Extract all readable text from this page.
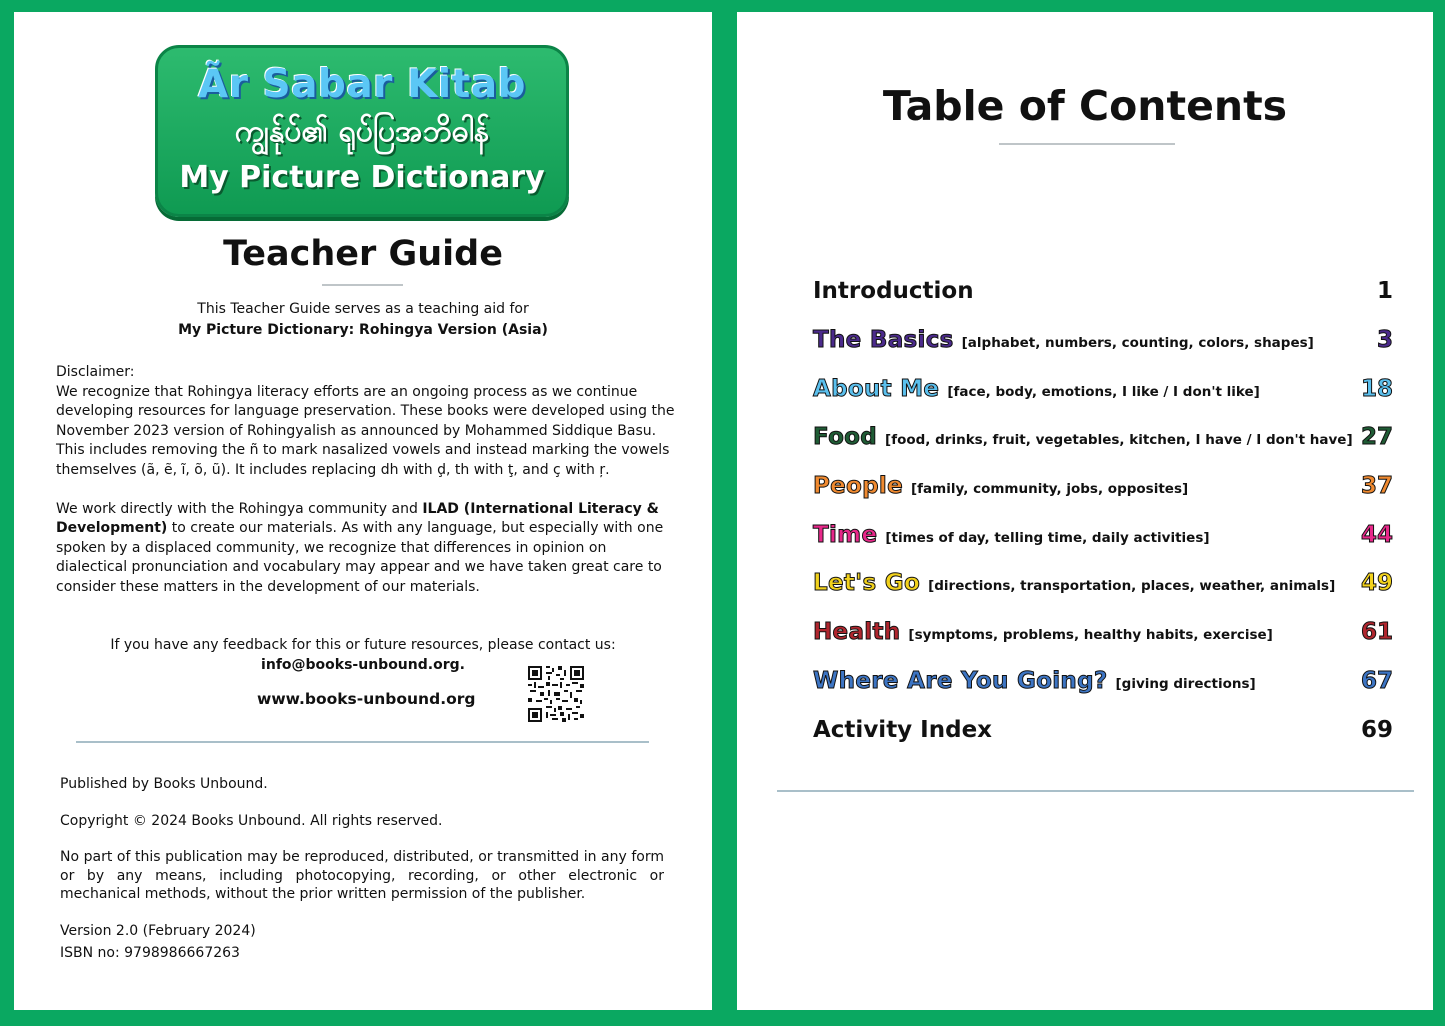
Ãr Sabar Kitab
ကျွန်ုပ်၏ ရုပ်ပြအဘိဓါန်
My Picture Dictionary
Teacher Guide
This Teacher Guide serves as a teaching aid for
My Picture Dictionary: Rohingya Version (Asia)

Disclaimer:
We recognize that Rohingya literacy efforts are an ongoing process as we continue developing resources for language preservation. These books were developed using the November 2023 version of Rohingyalish as announced by Mohammed Siddique Basu. This includes removing the ñ to mark nasalized vowels and instead marking the vowels themselves (ã, ẽ, ĩ, õ, ũ). It includes replacing dh with ḑ, th with ţ, and ç with ŗ.

We work directly with the Rohingya community and ILAD (International Literacy & Development) to create our materials. As with any language, but especially with one spoken by a displaced community, we recognize that differences in opinion on dialectical pronunciation and vocabulary may appear and we have taken great care to consider these matters in the development of our materials.

If you have any feedback for this or future resources, please contact us:
info@books-unbound.org.
www.books-unbound.org

Published by Books Unbound.

Copyright © 2024 Books Unbound. All rights reserved.

No part of this publication may be reproduced, distributed, or transmitted in any form or by any means, including photocopying, recording, or other electronic or mechanical methods, without the prior written permission of the publisher.

Version 2.0 (February 2024)

ISBN no: 9798986667263

Table of Contents
Introduction	1
The Basics [alphabet, numbers, counting, colors, shapes]	3
About Me [face, body, emotions, I like / I don't like]	18
Food [food, drinks, fruit, vegetables, kitchen, I have / I don't have] 27
People [family, community, jobs, opposites]	37
Time [times of day, telling time, daily activities]	44
Let's Go [directions, transportation, places, weather, animals] 49
Health [symptoms, problems, healthy habits, exercise]	61
Where Are You Going? [giving directions]	67
Activity Index	69
